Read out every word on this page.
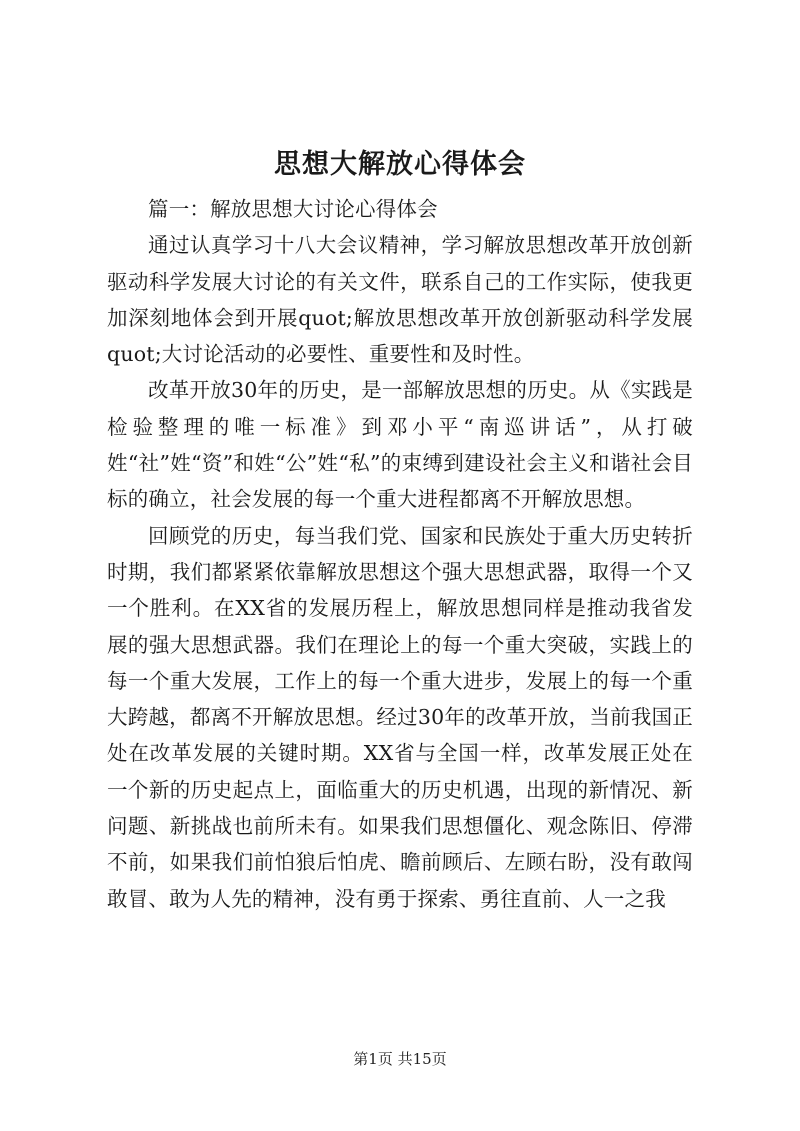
思想大解放心得体会

篇一：解放思想大讨论心得体会

通过认真学习十八大会议精神，学习解放思想改革开放创新驱动科学发展大讨论的有关文件，联系自己的工作实际，使我更加深刻地体会到开展quot;解放思想改革开放创新驱动科学发展quot;大讨论活动的必要性、重要性和及时性。

改革开放30年的历史，是一部解放思想的历史。从《实践是检验整理的唯一标准》到邓小平“南巡讲话”，从打破姓“社”姓“资”和姓“公”姓“私”的束缚到建设社会主义和谐社会目标的确立，社会发展的每一个重大进程都离不开解放思想。

回顾党的历史，每当我们党、国家和民族处于重大历史转折时期，我们都紧紧依靠解放思想这个强大思想武器，取得一个又一个胜利。在XX省的发展历程上，解放思想同样是推动我省发展的强大思想武器。我们在理论上的每一个重大突破，实践上的每一个重大发展，工作上的每一个重大进步，发展上的每一个重大跨越，都离不开解放思想。经过30年的改革开放，当前我国正处在改革发展的关键时期。XX省与全国一样，改革发展正处在一个新的历史起点上，面临重大的历史机遇，出现的新情况、新问题、新挑战也前所未有。如果我们思想僵化、观念陈旧、停滞不前，如果我们前怕狼后怕虎、瞻前顾后、左顾右盼，没有敢闯敢冒、敢为人先的精神，没有勇于探索、勇往直前、人一之我

第1页 共15页
